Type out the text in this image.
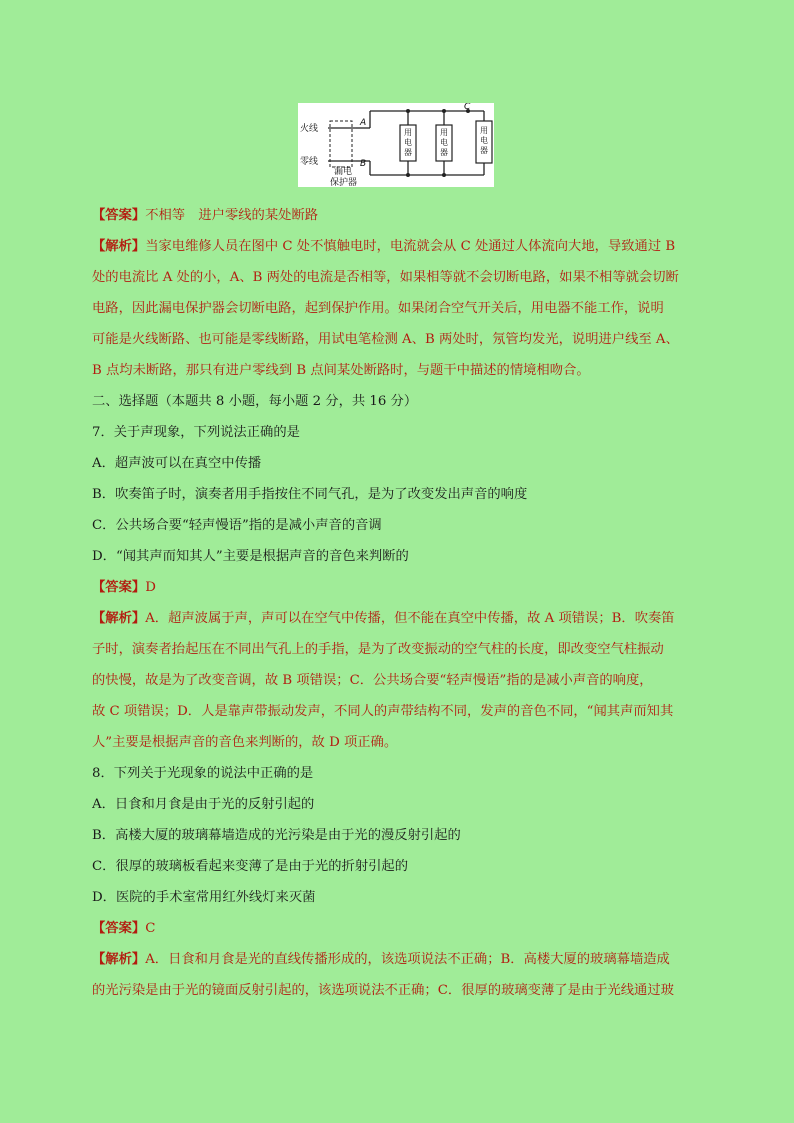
火线
零线
A
B
C
漏电
保护器
用电器
用电器
用电器
【答案】不相等　进户零线的某处断路
【解析】当家电维修人员在图中 C 处不慎触电时，电流就会从 C 处通过人体流向大地，导致通过 B
处的电流比 A 处的小，A、B 两处的电流是否相等，如果相等就不会切断电路，如果不相等就会切断
电路，因此漏电保护器会切断电路，起到保护作用。如果闭合空气开关后，用电器不能工作，说明
可能是火线断路、也可能是零线断路，用试电笔检测 A、B 两处时，氖管均发光，说明进户线至 A、
B 点均未断路，那只有进户零线到 B 点间某处断路时，与题干中描述的情境相吻合。
二、选择题（本题共 8 小题，每小题 2 分，共 16 分）
7．关于声现象，下列说法正确的是
A．超声波可以在真空中传播
B．吹奏笛子时，演奏者用手指按住不同气孔，是为了改变发出声音的响度
C．公共场合要“轻声慢语”指的是减小声音的音调
D．“闻其声而知其人”主要是根据声音的音色来判断的
【答案】D
【解析】A．超声波属于声，声可以在空气中传播，但不能在真空中传播，故 A 项错误；B．吹奏笛
子时，演奏者抬起压在不同出气孔上的手指，是为了改变振动的空气柱的长度，即改变空气柱振动
的快慢，故是为了改变音调，故 B 项错误；C．公共场合要“轻声慢语”指的是减小声音的响度，
故 C 项错误；D．人是靠声带振动发声，不同人的声带结构不同，发声的音色不同，“闻其声而知其
人”主要是根据声音的音色来判断的，故 D 项正确。
8．下列关于光现象的说法中正确的是
A．日食和月食是由于光的反射引起的
B．高楼大厦的玻璃幕墙造成的光污染是由于光的漫反射引起的
C．很厚的玻璃板看起来变薄了是由于光的折射引起的
D．医院的手术室常用红外线灯来灭菌
【答案】C
【解析】A．日食和月食是光的直线传播形成的，该选项说法不正确；B．高楼大厦的玻璃幕墙造成
的光污染是由于光的镜面反射引起的，该选项说法不正确；C．很厚的玻璃变薄了是由于光线通过玻
